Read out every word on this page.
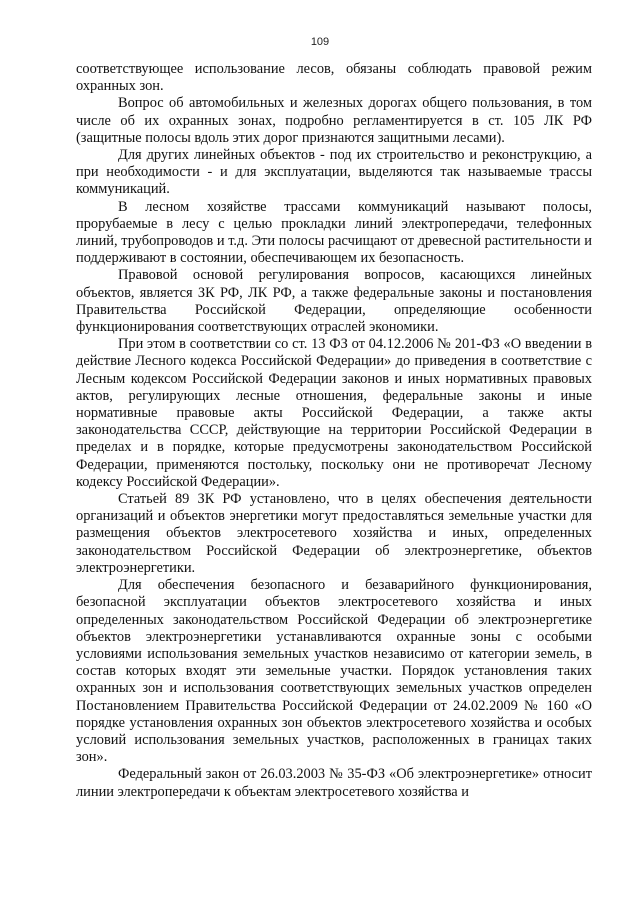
109

соответствующее использование лесов, обязаны соблюдать правовой режим охранных зон.

Вопрос об автомобильных и железных дорогах общего пользования, в том числе об их охранных зонах, подробно регламентируется в ст. 105 ЛК РФ (защитные полосы вдоль этих дорог признаются защитными лесами).

Для других линейных объектов - под их строительство и реконструкцию, а при необходимости - и для эксплуатации, выделяются так называемые трассы коммуникаций.

В лесном хозяйстве трассами коммуникаций называют полосы, прорубаемые в лесу с целью прокладки линий электропередачи, телефонных линий, трубопроводов и т.д. Эти полосы расчищают от древесной растительности и поддерживают в состоянии, обеспечивающем их безопасность.

Правовой основой регулирования вопросов, касающихся линейных объектов, является ЗК РФ, ЛК РФ, а также федеральные законы и постановления Правительства Российской Федерации, определяющие особенности функционирования соответствующих отраслей экономики.

При этом в соответствии со ст. 13 ФЗ от 04.12.2006 № 201-ФЗ «О введении в действие Лесного кодекса Российской Федерации» до приведения в соответствие с Лесным кодексом Российской Федерации законов и иных нормативных правовых актов, регулирующих лесные отношения, федеральные законы и иные нормативные правовые акты Российской Федерации, а также акты законодательства СССР, действующие на территории Российской Федерации в пределах и в порядке, которые предусмотрены законодательством Российской Федерации, применяются постольку, поскольку они не противоречат Лесному кодексу Российской Федерации».

Статьей 89 ЗК РФ установлено, что в целях обеспечения деятельности организаций и объектов энергетики могут предоставляться земельные участки для размещения объектов электросетевого хозяйства и иных, определенных законодательством Российской Федерации об электроэнергетике, объектов электроэнергетики.

Для обеспечения безопасного и безаварийного функционирования, безопасной эксплуатации объектов электросетевого хозяйства и иных определенных законодательством Российской Федерации об электроэнергетике объектов электроэнергетики устанавливаются охранные зоны с особыми условиями использования земельных участков независимо от категории земель, в состав которых входят эти земельные участки. Порядок установления таких охранных зон и использования соответствующих земельных участков определен Постановлением Правительства Российской Федерации от 24.02.2009 № 160 «О порядке установления охранных зон объектов электросетевого хозяйства и особых условий использования земельных участков, расположенных в границах таких зон».

Федеральный закон от 26.03.2003 № 35-ФЗ «Об электроэнергетике» относит линии электропередачи к объектам электросетевого хозяйства и
